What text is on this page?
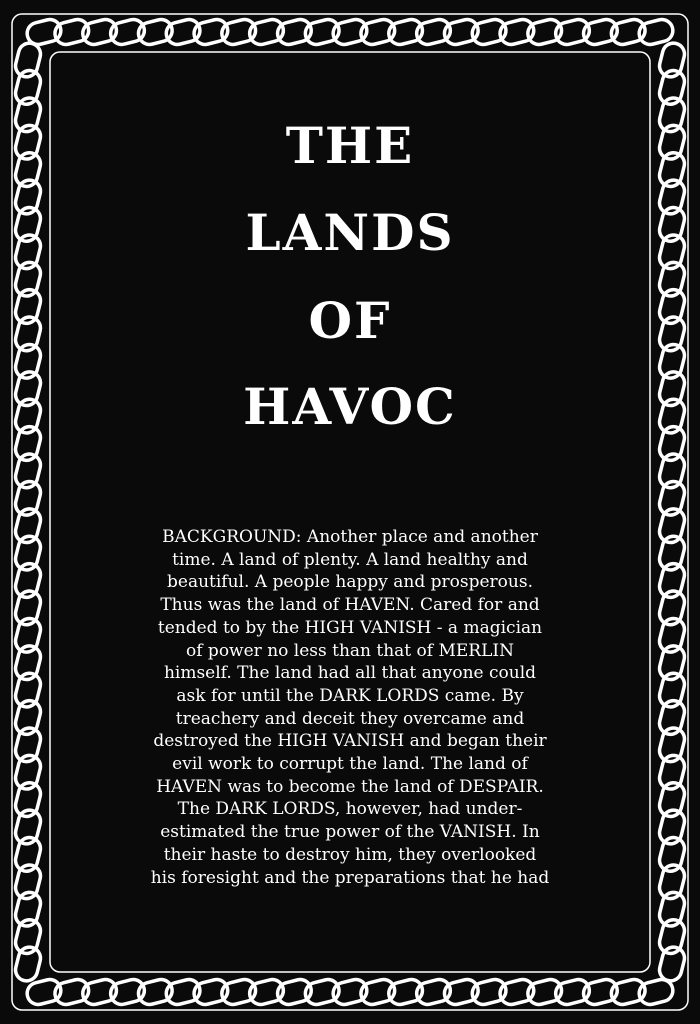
THE
LANDS
OF
HAVOC

BACKGROUND: Another place and another
time. A land of plenty. A land healthy and
beautiful. A people happy and prosperous.
Thus was the land of HAVEN. Cared for and
tended to by the HIGH VANISH - a magician
of power no less than that of MERLIN
himself. The land had all that anyone could
ask for until the DARK LORDS came. By
treachery and deceit they overcame and
destroyed the HIGH VANISH and began their
evil work to corrupt the land. The land of
HAVEN was to become the land of DESPAIR.
The DARK LORDS, however, had under-
estimated the true power of the VANISH. In
their haste to destroy him, they overlooked
his foresight and the preparations that he had
